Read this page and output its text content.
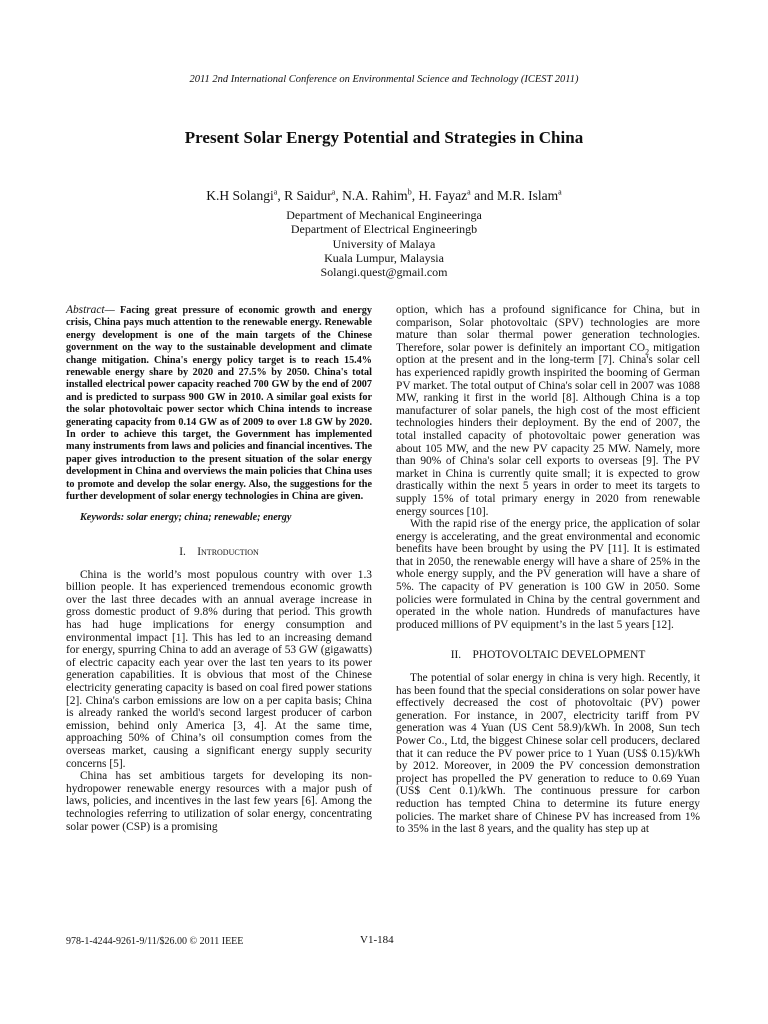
2011 2nd International Conference on Environmental Science and Technology (ICEST 2011)
Present Solar Energy Potential and Strategies in China
K.H Solangi$^a$, R Saidur$^a$, N.A. Rahim$^b$, H. Fayaz$^a$ and M.R. Islam$^a$
Department of Mechanical Engineeringa
Department of Electrical Engineeringb
University of Malaya
Kuala Lumpur, Malaysia
Solangi.quest@gmail.com

Abstract— Facing great pressure of economic growth and energy crisis, China pays much attention to the renewable energy. Renewable energy development is one of the main targets of the Chinese government on the way to the sustainable development and climate change mitigation. China's energy policy target is to reach 15.4% renewable energy share by 2020 and 27.5% by 2050. China's total installed electrical power capacity reached 700 GW by the end of 2007 and is predicted to surpass 900 GW in 2010. A similar goal exists for the solar photovoltaic power sector which China intends to increase generating capacity from 0.14 GW as of 2009 to over 1.8 GW by 2020. In order to achieve this target, the Government has implemented many instruments from laws and policies and financial incentives. The paper gives introduction to the present situation of the solar energy development in China and overviews the main policies that China uses to promote and develop the solar energy. Also, the suggestions for the further development of solar energy technologies in China are given.

Keywords: solar energy; china; renewable; energy

I. Introduction

China is the world’s most populous country with over 1.3 billion people. It has experienced tremendous economic growth over the last three decades with an annual average increase in gross domestic product of 9.8% during that period. This growth has had huge implications for energy consumption and environmental impact [1]. This has led to an increasing demand for energy, spurring China to add an average of 53 GW (gigawatts) of electric capacity each year over the last ten years to its power generation capabilities. It is obvious that most of the Chinese electricity generating capacity is based on coal fired power stations [2]. China's carbon emissions are low on a per capita basis; China is already ranked the world's second largest producer of carbon emission, behind only America [3, 4]. At the same time, approaching 50% of China’s oil consumption comes from the overseas market, causing a significant energy supply security concerns [5].

China has set ambitious targets for developing its non-hydropower renewable energy resources with a major push of laws, policies, and incentives in the last few years [6]. Among the technologies referring to utilization of solar energy, concentrating solar power (CSP) is a promising

option, which has a profound significance for China, but in comparison, Solar photovoltaic (SPV) technologies are more mature than solar thermal power generation technologies. Therefore, solar power is definitely an important $CO_2$ mitigation option at the present and in the long-term [7]. China's solar cell has experienced rapidly growth inspirited the booming of German PV market. The total output of China's solar cell in 2007 was 1088 MW, ranking it first in the world [8]. Although China is a top manufacturer of solar panels, the high cost of the most efficient technologies hinders their deployment. By the end of 2007, the total installed capacity of photovoltaic power generation was about 105 MW, and the new PV capacity 25 MW. Namely, more than 90% of China's solar cell exports to overseas [9]. The PV market in China is currently quite small; it is expected to grow drastically within the next 5 years in order to meet its targets to supply 15% of total primary energy in 2020 from renewable energy sources [10].

With the rapid rise of the energy price, the application of solar energy is accelerating, and the great environmental and economic benefits have been brought by using the PV [11]. It is estimated that in 2050, the renewable energy will have a share of 25% in the whole energy supply, and the PV generation will have a share of 5%. The capacity of PV generation is 100 GW in 2050. Some policies were formulated in China by the central government and operated in the whole nation. Hundreds of manufactures have produced millions of PV equipment’s in the last 5 years [12].

II. PHOTOVOLTAIC DEVELOPMENT

The potential of solar energy in china is very high. Recently, it has been found that the special considerations on solar power have effectively decreased the cost of photovoltaic (PV) power generation. For instance, in 2007, electricity tariff from PV generation was 4 Yuan (US Cent 58.9)/kWh. In 2008, Sun tech Power Co., Ltd, the biggest Chinese solar cell producers, declared that it can reduce the PV power price to 1 Yuan (US$ 0.15)/kWh by 2012. Moreover, in 2009 the PV concession demonstration project has propelled the PV generation to reduce to 0.69 Yuan (US$ Cent 0.1)/kWh. The continuous pressure for carbon reduction has tempted China to determine its future energy policies. The market share of Chinese PV has increased from 1% to 35% in the last 8 years, and the quality has step up at

978-1-4244-9261-9/11/$26.00 © 2011 IEEE	V1-184
